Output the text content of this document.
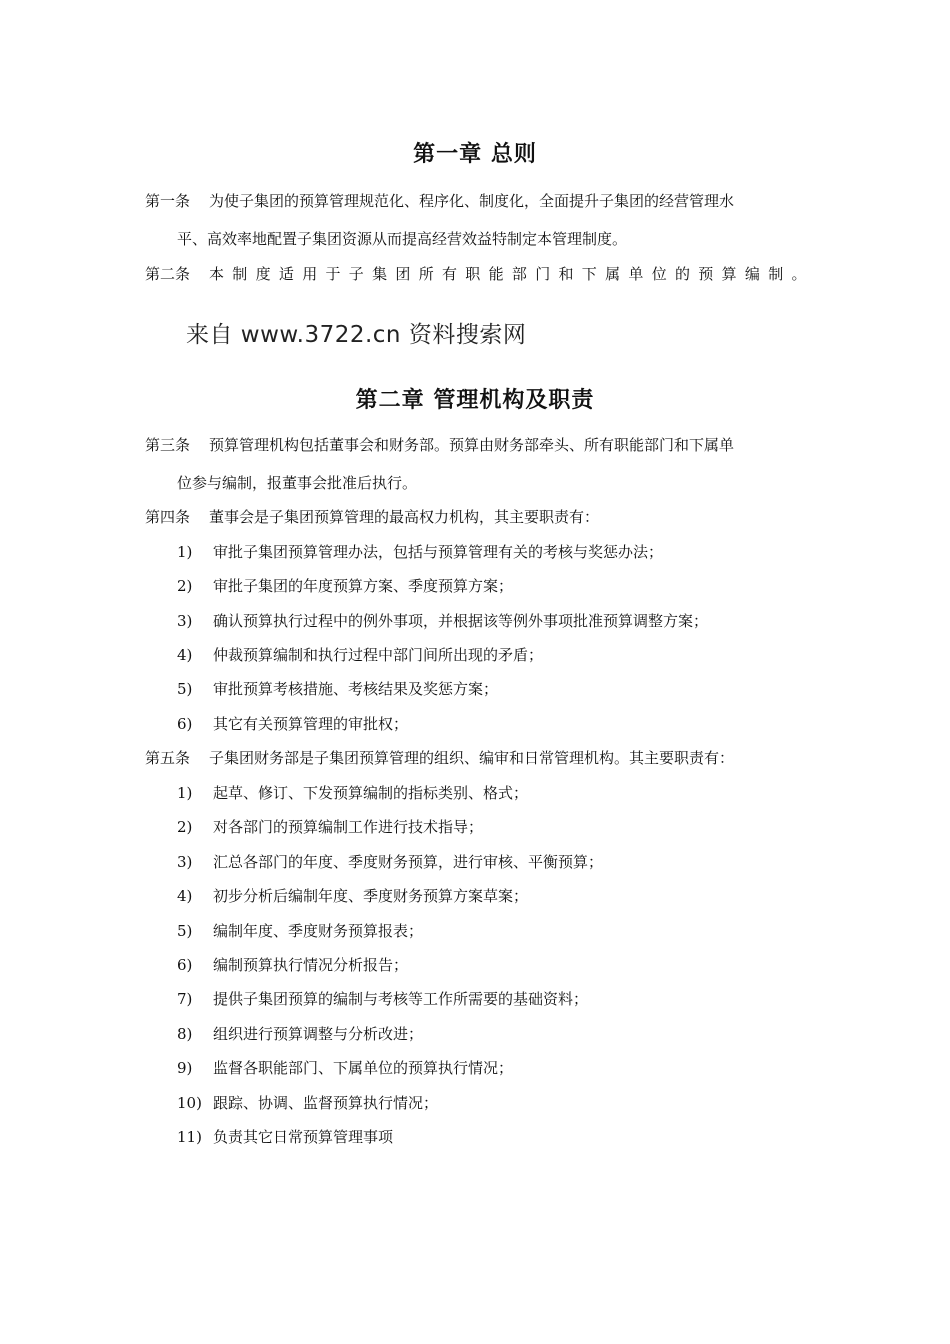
第一章 总则
第一条 为使子集团的预算管理规范化、程序化、制度化，全面提升子集团的经营管理水
平、高效率地配置子集团资源从而提高经营效益特制定本管理制度。
第二条 本制度适用于子集团所有职能部门和下属单位的预算编制。
来自 www.3722.cn 资料搜索网
第二章 管理机构及职责
第三条 预算管理机构包括董事会和财务部。预算由财务部牵头、所有职能部门和下属单
位参与编制，报董事会批准后执行。
第四条 董事会是子集团预算管理的最高权力机构，其主要职责有：
1) 审批子集团预算管理办法，包括与预算管理有关的考核与奖惩办法；
2) 审批子集团的年度预算方案、季度预算方案；
3) 确认预算执行过程中的例外事项，并根据该等例外事项批准预算调整方案；
4) 仲裁预算编制和执行过程中部门间所出现的矛盾；
5) 审批预算考核措施、考核结果及奖惩方案；
6) 其它有关预算管理的审批权；
第五条 子集团财务部是子集团预算管理的组织、编审和日常管理机构。其主要职责有：
1) 起草、修订、下发预算编制的指标类别、格式；
2) 对各部门的预算编制工作进行技术指导；
3) 汇总各部门的年度、季度财务预算，进行审核、平衡预算；
4) 初步分析后编制年度、季度财务预算方案草案；
5) 编制年度、季度财务预算报表；
6) 编制预算执行情况分析报告；
7) 提供子集团预算的编制与考核等工作所需要的基础资料；
8) 组织进行预算调整与分析改进；
9) 监督各职能部门、下属单位的预算执行情况；
10) 跟踪、协调、监督预算执行情况；
11) 负责其它日常预算管理事项
